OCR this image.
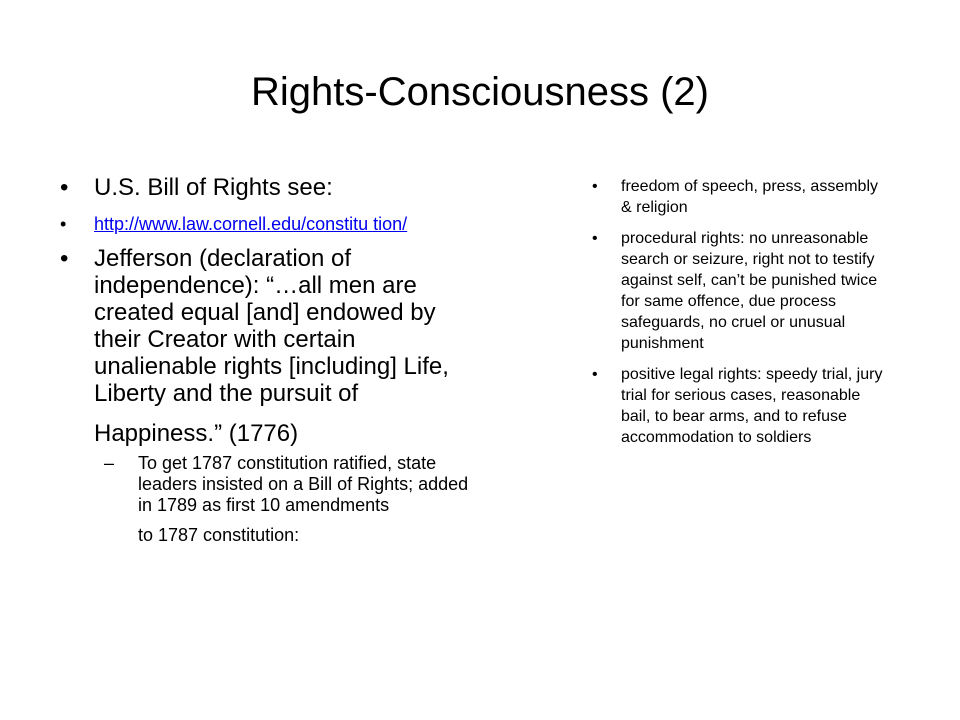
Rights-Consciousness (2)
• U.S. Bill of Rights see:
• http://www.law.cornell.edu/constitu tion/
• Jefferson (declaration of independence): “…all men are created equal [and] endowed by their Creator with certain unalienable rights [including] Life, Liberty and the pursuit of
Happiness.” (1776)
– To get 1787 constitution ratified, state leaders insisted on a Bill of Rights; added in 1789 as first 10 amendments
to 1787 constitution:
• freedom of speech, press, assembly & religion
• procedural rights: no unreasonable search or seizure, right not to testify against self, can’t be punished twice for same offence, due process safeguards, no cruel or unusual punishment
• positive legal rights: speedy trial, jury trial for serious cases, reasonable bail, to bear arms, and to refuse accommodation to soldiers
